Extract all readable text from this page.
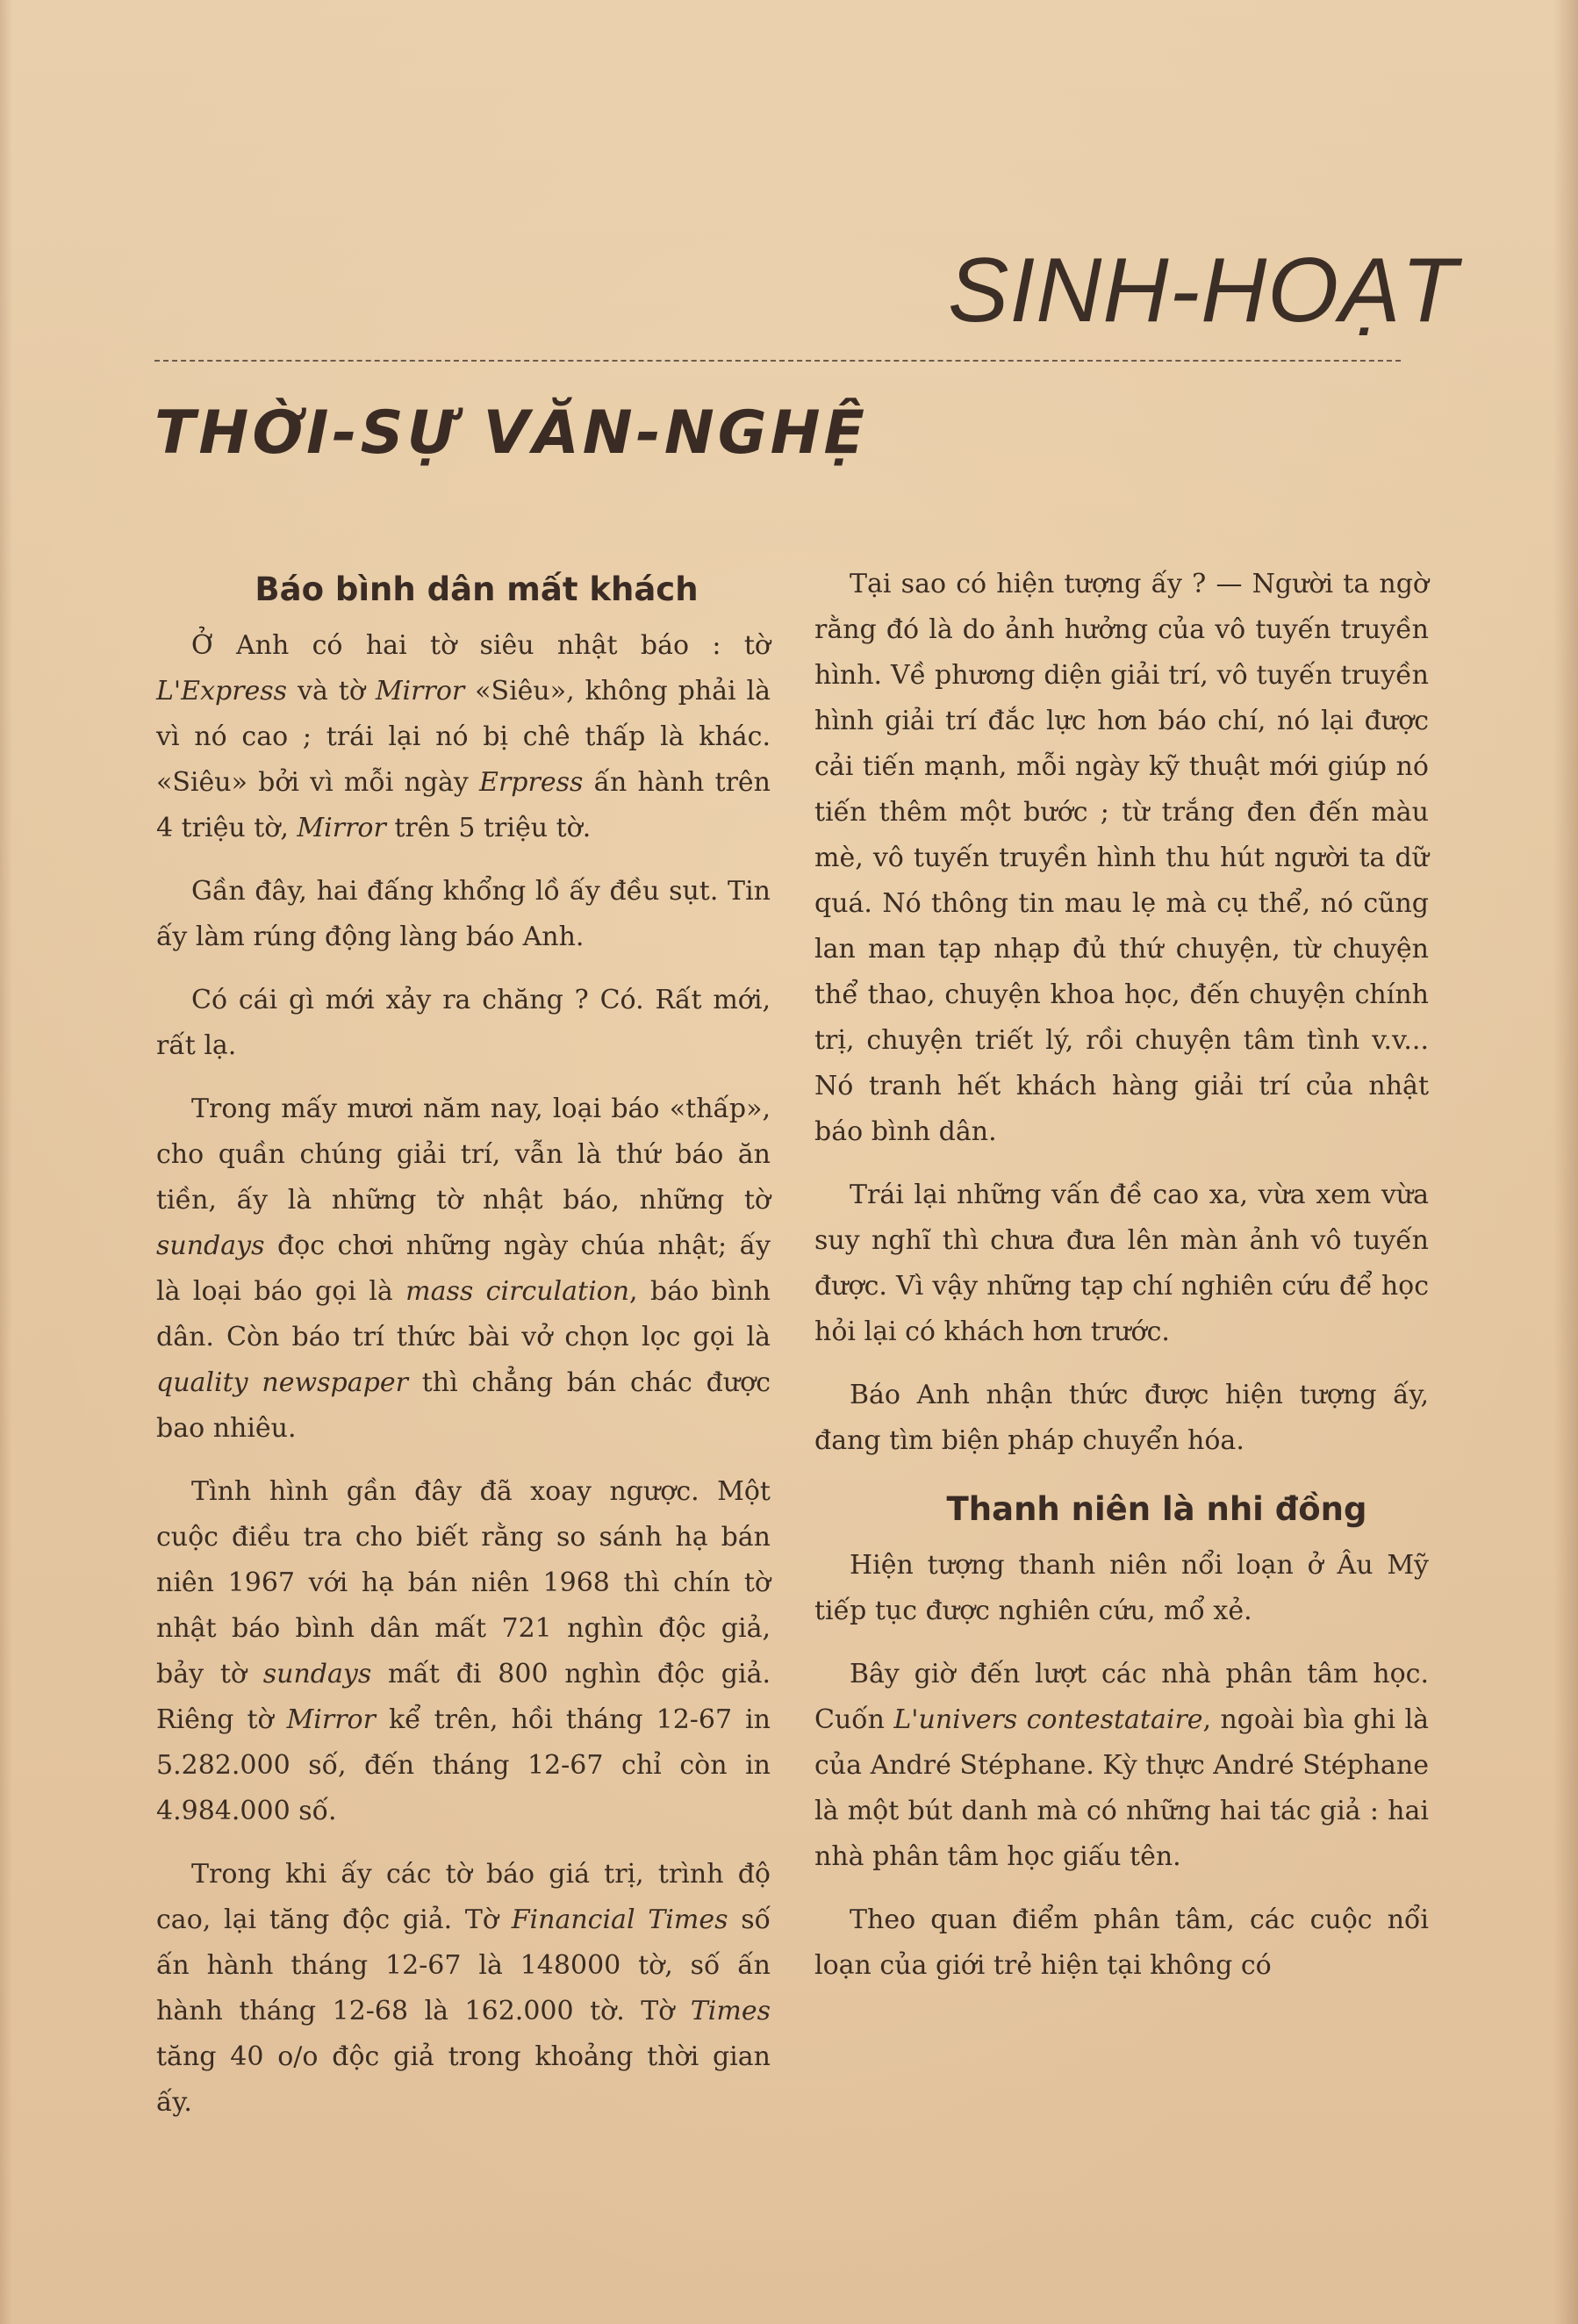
SINH-HOẠT
THỜI-SỰ VĂN-NGHỆ
Báo bình dân mất khách

Ở Anh có hai tờ siêu nhật báo : tờ L'Express và tờ Mirror «Siêu», không phải là vì nó cao ; trái lại nó bị chê thấp là khác. «Siêu» bởi vì mỗi ngày Erpress ấn hành trên 4 triệu tờ, Mirror trên 5 triệu tờ.

Gần đây, hai đấng khổng lồ ấy đều sụt. Tin ấy làm rúng động làng báo Anh.

Có cái gì mới xảy ra chăng ? Có. Rất mới, rất lạ.

Trong mấy mươi năm nay, loại báo «thấp», cho quần chúng giải trí, vẫn là thứ báo ăn tiền, ấy là những tờ nhật báo, những tờ sundays đọc chơi những ngày chúa nhật; ấy là loại báo gọi là mass circulation, báo bình dân. Còn báo trí thức bài vở chọn lọc gọi là quality newspaper thì chẳng bán chác được bao nhiêu.

Tình hình gần đây đã xoay ngược. Một cuộc điều tra cho biết rằng so sánh hạ bán niên 1967 với hạ bán niên 1968 thì chín tờ nhật báo bình dân mất 721 nghìn độc giả, bảy tờ sundays mất đi 800 nghìn độc giả. Riêng tờ Mirror kể trên, hồi tháng 12-67 in 5.282.000 số, đến tháng 12-67 chỉ còn in 4.984.000 số.

Trong khi ấy các tờ báo giá trị, trình độ cao, lại tăng độc giả. Tờ Financial Times số ấn hành tháng 12-67 là 148000 tờ, số ấn hành tháng 12-68 là 162.000 tờ. Tờ Times tăng 40 o/o độc giả trong khoảng thời gian ấy.

Tại sao có hiện tượng ấy ? — Người ta ngờ rằng đó là do ảnh hưởng của vô tuyến truyền hình. Về phương diện giải trí, vô tuyến truyền hình giải trí đắc lực hơn báo chí, nó lại được cải tiến mạnh, mỗi ngày kỹ thuật mới giúp nó tiến thêm một bước ; từ trắng đen đến màu mè, vô tuyến truyền hình thu hút người ta dữ quá. Nó thông tin mau lẹ mà cụ thể, nó cũng lan man tạp nhạp đủ thứ chuyện, từ chuyện thể thao, chuyện khoa học, đến chuyện chính trị, chuyện triết lý, rồi chuyện tâm tình v.v... Nó tranh hết khách hàng giải trí của nhật báo bình dân.

Trái lại những vấn đề cao xa, vừa xem vừa suy nghĩ thì chưa đưa lên màn ảnh vô tuyến được. Vì vậy những tạp chí nghiên cứu để học hỏi lại có khách hơn trước.

Báo Anh nhận thức được hiện tượng ấy, đang tìm biện pháp chuyển hóa.

Thanh niên là nhi đồng

Hiện tượng thanh niên nổi loạn ở Âu Mỹ tiếp tục được nghiên cứu, mổ xẻ.

Bây giờ đến lượt các nhà phân tâm học. Cuốn L'univers contestataire, ngoài bìa ghi là của André Stéphane. Kỳ thực André Stéphane là một bút danh mà có những hai tác giả : hai nhà phân tâm học giấu tên.

Theo quan điểm phân tâm, các cuộc nổi loạn của giới trẻ hiện tại không có
